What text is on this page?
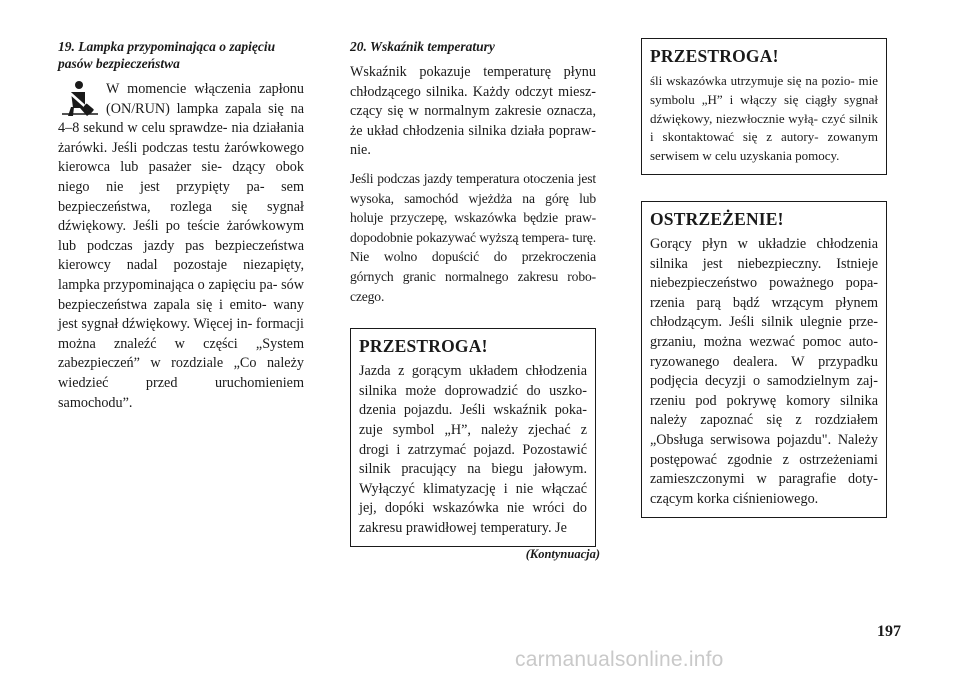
19. Lampka przypominająca o zapięciu pasów bezpieczeństwa
W momencie włączenia zapłonu (ON/RUN) lampka zapala się na 4–8 sekund w celu sprawdze- nia działania żarówki. Jeśli podczas testu żarówkowego kierowca lub pasażer sie- dzący obok niego nie jest przypięty pa- sem bezpieczeństwa, rozlega się sygnał dźwiękowy. Jeśli po teście żarówkowym lub podczas jazdy pas bezpieczeństwa kierowcy nadal pozostaje niezapięty, lampka przypominająca o zapięciu pa- sów bezpieczeństwa zapala się i emito- wany jest sygnał dźwiękowy. Więcej in- formacji można znaleźć w części „System zabezpieczeń” w rozdziale „Co należy wiedzieć przed uruchomieniem samochodu”.
20. Wskaźnik temperatury
Wskaźnik pokazuje temperaturę płynu chłodzącego silnika. Każdy odczyt miesz- czący się w normalnym zakresie oznacza, że układ chłodzenia silnika działa popraw- nie.
Jeśli podczas jazdy temperatura otoczenia jest wysoka, samochód wjeżdża na górę lub holuje przyczepę, wskazówka będzie praw- dopodobnie pokazywać wyższą tempera- turę. Nie wolno dopuścić do przekroczenia górnych granic normalnego zakresu robo- czego.
PRZESTROGA!
Jazda z gorącym układem chłodzenia silnika może doprowadzić do uszko- dzenia pojazdu. Jeśli wskaźnik poka- zuje symbol „H”, należy zjechać z drogi i zatrzymać pojazd. Pozostawić silnik pracujący na biegu jałowym. Wyłączyć klimatyzację i nie włączać jej, dopóki wskazówka nie wróci do zakresu prawidłowej temperatury. Je
(Kontynuacja)
PRZESTROGA!
śli wskazówka utrzymuje się na pozio- mie symbolu „H” i włączy się ciągły sygnał dźwiękowy, niezwłocznie wyłą- czyć silnik i skontaktować się z autory- zowanym serwisem w celu uzyskania pomocy.
OSTRZEŻENIE!
Gorący płyn w układzie chłodzenia silnika jest niebezpieczny. Istnieje niebezpieczeństwo poważnego popa- rzenia parą bądź wrzącym płynem chłodzącym. Jeśli silnik ulegnie prze- grzaniu, można wezwać pomoc auto- ryzowanego dealera. W przypadku podjęcia decyzji o samodzielnym zaj- rzeniu pod pokrywę komory silnika należy zapoznać się z rozdziałem „Obsługa serwisowa pojazdu". Należy postępować zgodnie z ostrzeżeniami zamieszczonymi w paragrafie doty- czącym korka ciśnieniowego.
197
carmanualsonline.info
